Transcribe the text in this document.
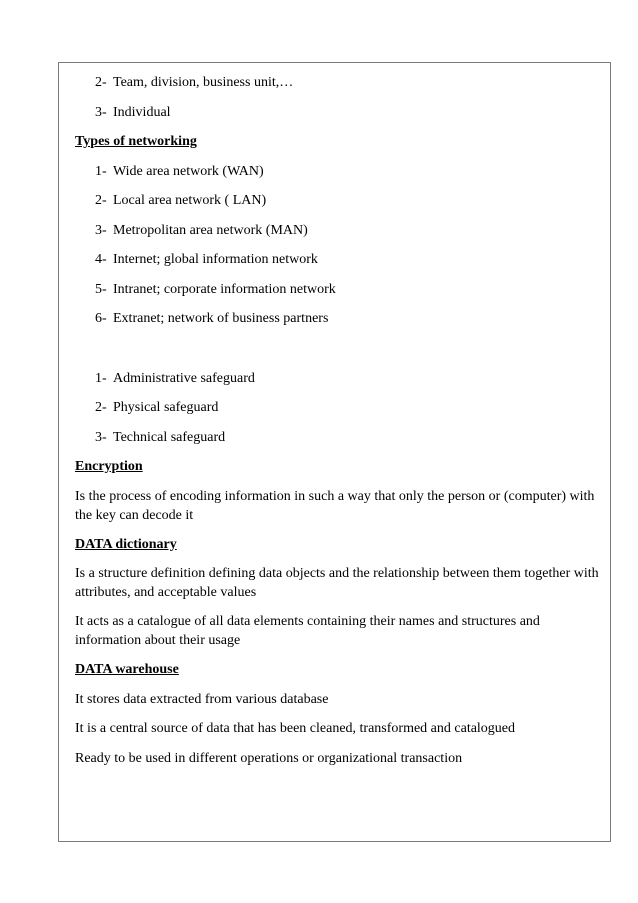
2- Team, division, business unit,…
3- Individual
Types of networking
1- Wide area network (WAN)
2- Local area network ( LAN)
3- Metropolitan area network (MAN)
4- Internet; global information network
5- Intranet; corporate information network
6- Extranet; network of business partners
1- Administrative safeguard
2- Physical safeguard
3- Technical safeguard
Encryption
Is the process of encoding information in such a way that only the person or (computer) with the key can decode it
DATA dictionary
Is a structure definition defining data objects and the relationship between them together with attributes, and acceptable values
It acts as a catalogue of all data elements containing their names and structures and information about their usage
DATA warehouse
It stores data extracted from various database
It is a central source of data that has been cleaned, transformed and catalogued
Ready to be used in different operations or organizational transaction
